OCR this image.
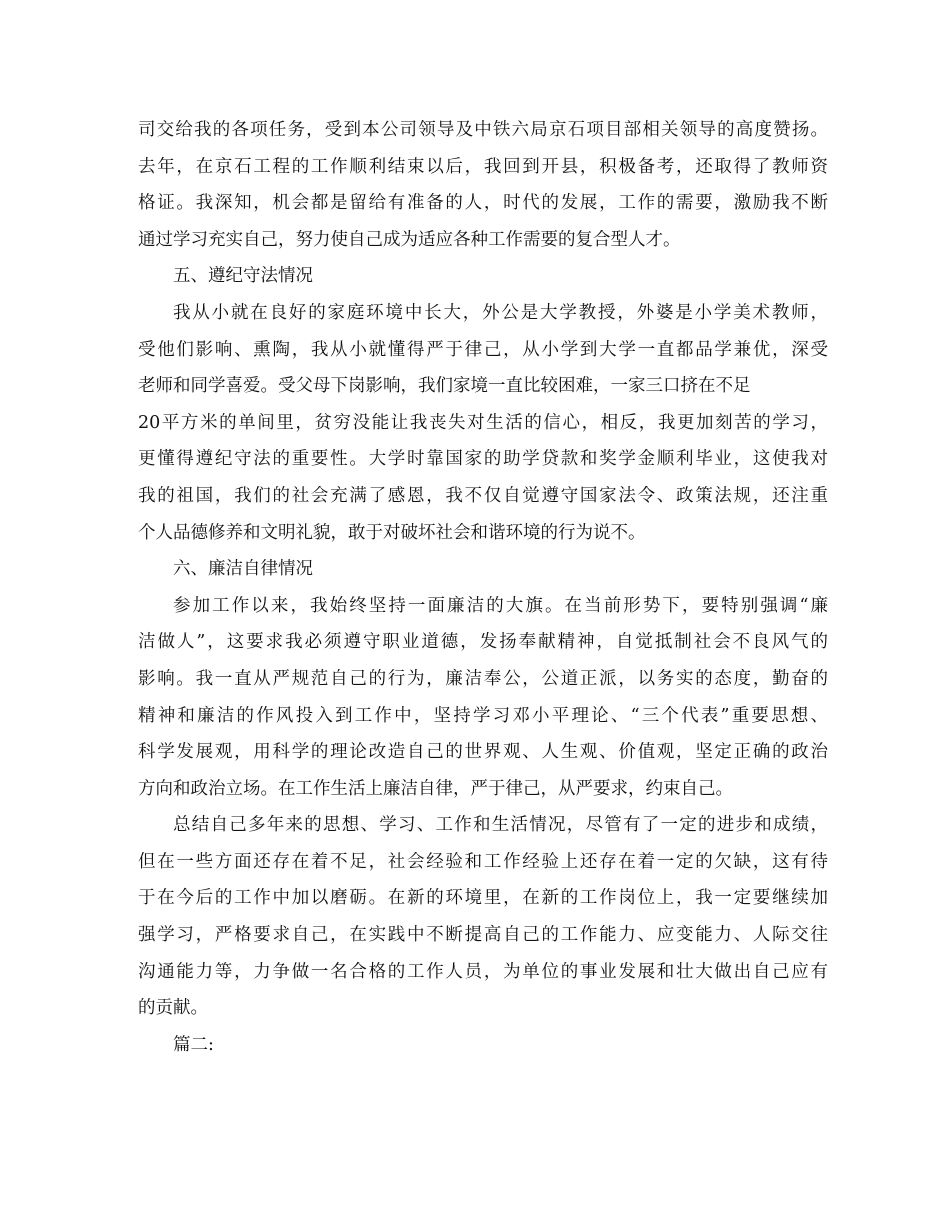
司交给我的各项任务，受到本公司领导及中铁六局京石项目部相关领导的高度赞扬。
去年，在京石工程的工作顺利结束以后，我回到开县，积极备考，还取得了教师资
格证。我深知，机会都是留给有准备的人，时代的发展，工作的需要，激励我不断
通过学习充实自己，努力使自己成为适应各种工作需要的复合型人才。
五、遵纪守法情况
我从小就在良好的家庭环境中长大，外公是大学教授，外婆是小学美术教师，
受他们影响、熏陶，我从小就懂得严于律己，从小学到大学一直都品学兼优，深受
老师和同学喜爱。受父母下岗影响，我们家境一直比较困难，一家三口挤在不足
20平方米的单间里，贫穷没能让我丧失对生活的信心，相反，我更加刻苦的学习，
更懂得遵纪守法的重要性。大学时靠国家的助学贷款和奖学金顺利毕业，这使我对
我的祖国，我们的社会充满了感恩，我不仅自觉遵守国家法令、政策法规，还注重
个人品德修养和文明礼貌，敢于对破坏社会和谐环境的行为说不。
六、廉洁自律情况
参加工作以来，我始终坚持一面廉洁的大旗。在当前形势下，要特别强调“廉
洁做人”，这要求我必须遵守职业道德，发扬奉献精神，自觉抵制社会不良风气的
影响。我一直从严规范自己的行为，廉洁奉公，公道正派，以务实的态度，勤奋的
精神和廉洁的作风投入到工作中，坚持学习邓小平理论、“三个代表”重要思想、
科学发展观，用科学的理论改造自己的世界观、人生观、价值观，坚定正确的政治
方向和政治立场。在工作生活上廉洁自律，严于律己，从严要求，约束自己。
总结自己多年来的思想、学习、工作和生活情况，尽管有了一定的进步和成绩，
但在一些方面还存在着不足，社会经验和工作经验上还存在着一定的欠缺，这有待
于在今后的工作中加以磨砺。在新的环境里，在新的工作岗位上，我一定要继续加
强学习，严格要求自己，在实践中不断提高自己的工作能力、应变能力、人际交往
沟通能力等，力争做一名合格的工作人员，为单位的事业发展和壮大做出自己应有
的贡献。
篇二:
